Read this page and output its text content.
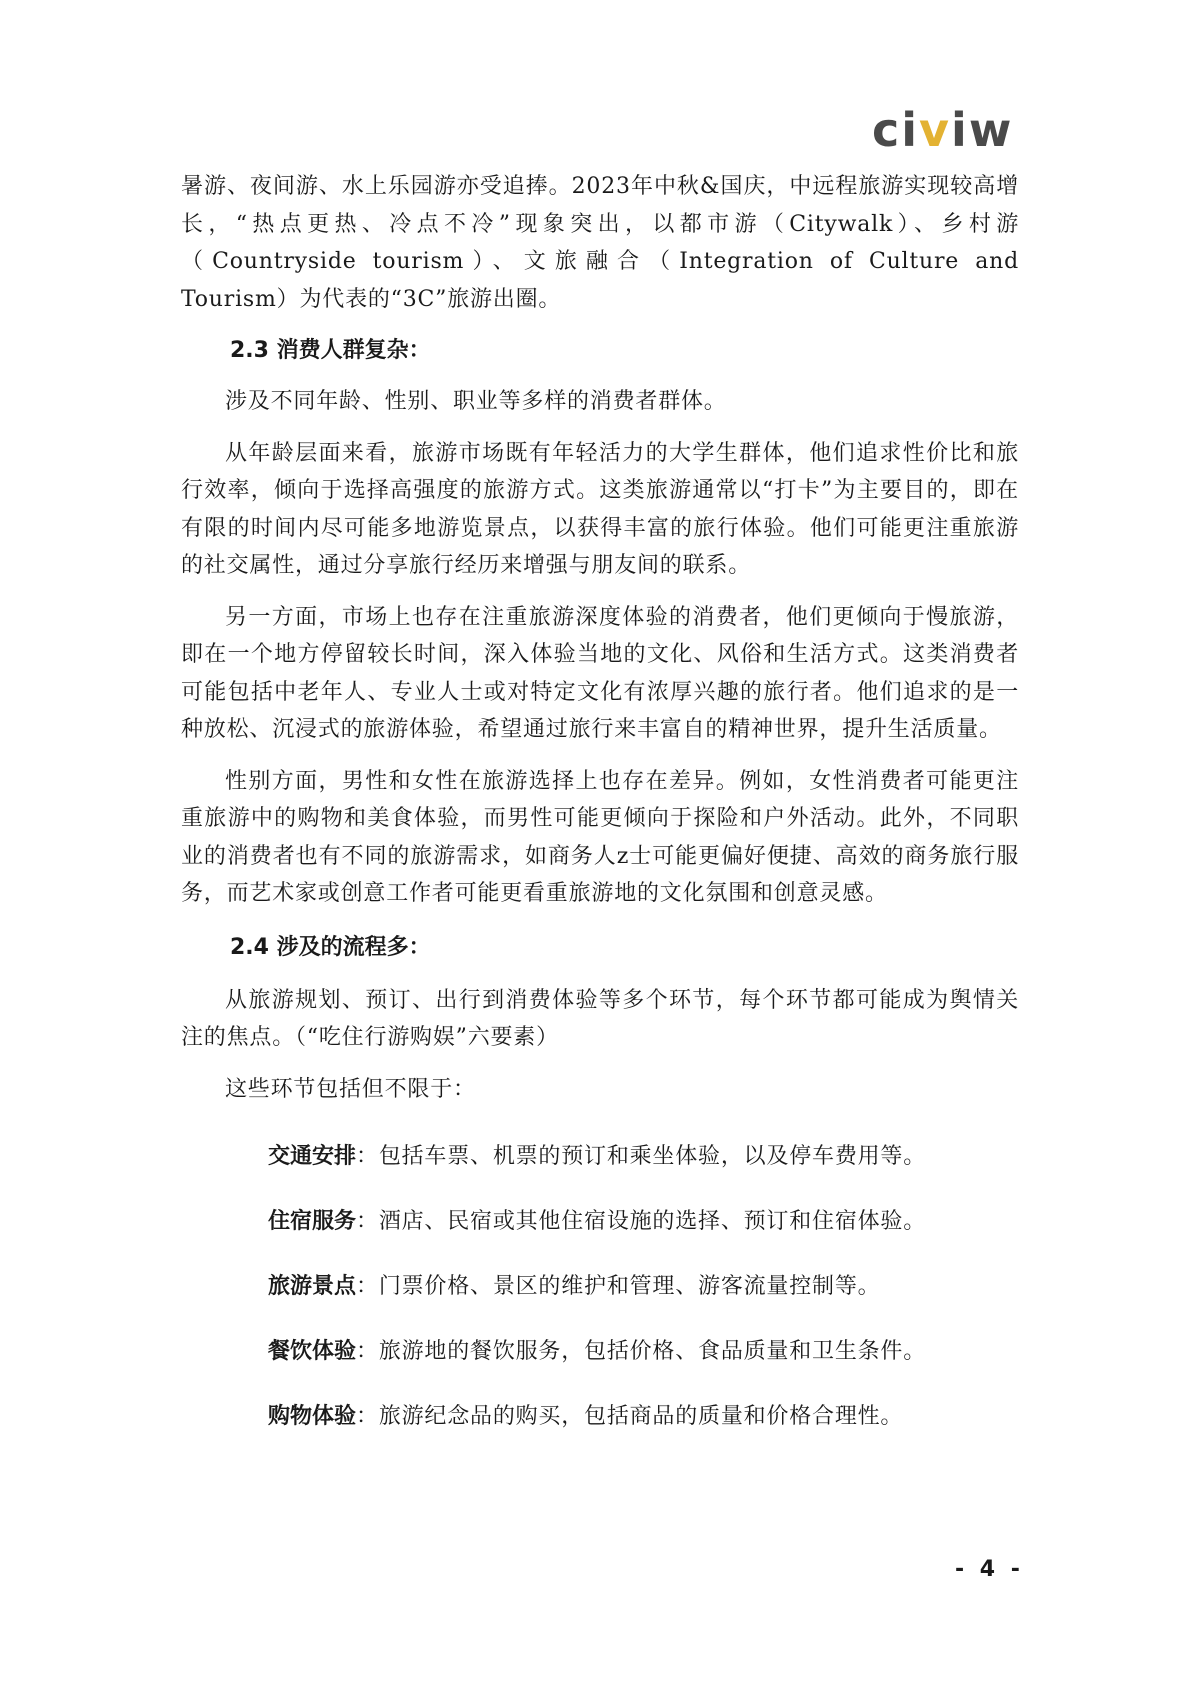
civiw

暑游、夜间游、水上乐园游亦受追捧。2023年中秋&国庆，中远程旅游实现较高增长，“热点更热、冷点不冷”现象突出，以都市游（Citywalk）、乡村游（Countryside tourism）、文旅融合（Integration of Culture and Tourism）为代表的“3C”旅游出圈。

2.3 消费人群复杂：

涉及不同年龄、性别、职业等多样的消费者群体。

从年龄层面来看，旅游市场既有年轻活力的大学生群体，他们追求性价比和旅行效率，倾向于选择高强度的旅游方式。这类旅游通常以“打卡”为主要目的，即在有限的时间内尽可能多地游览景点，以获得丰富的旅行体验。他们可能更注重旅游的社交属性，通过分享旅行经历来增强与朋友间的联系。

另一方面，市场上也存在注重旅游深度体验的消费者，他们更倾向于慢旅游，即在一个地方停留较长时间，深入体验当地的文化、风俗和生活方式。这类消费者可能包括中老年人、专业人士或对特定文化有浓厚兴趣的旅行者。他们追求的是一种放松、沉浸式的旅游体验，希望通过旅行来丰富自的精神世界，提升生活质量。

性别方面，男性和女性在旅游选择上也存在差异。例如，女性消费者可能更注重旅游中的购物和美食体验，而男性可能更倾向于探险和户外活动。此外，不同职业的消费者也有不同的旅游需求，如商务人z士可能更偏好便捷、高效的商务旅行服务，而艺术家或创意工作者可能更看重旅游地的文化氛围和创意灵感。

2.4 涉及的流程多：

从旅游规划、预订、出行到消费体验等多个环节，每个环节都可能成为舆情关注的焦点。（“吃住行游购娱”六要素）

这些环节包括但不限于：

交通安排：包括车票、机票的预订和乘坐体验，以及停车费用等。

住宿服务：酒店、民宿或其他住宿设施的选择、预订和住宿体验。

旅游景点：门票价格、景区的维护和管理、游客流量控制等。

餐饮体验：旅游地的餐饮服务，包括价格、食品质量和卫生条件。

购物体验：旅游纪念品的购买，包括商品的质量和价格合理性。

- 4 -
